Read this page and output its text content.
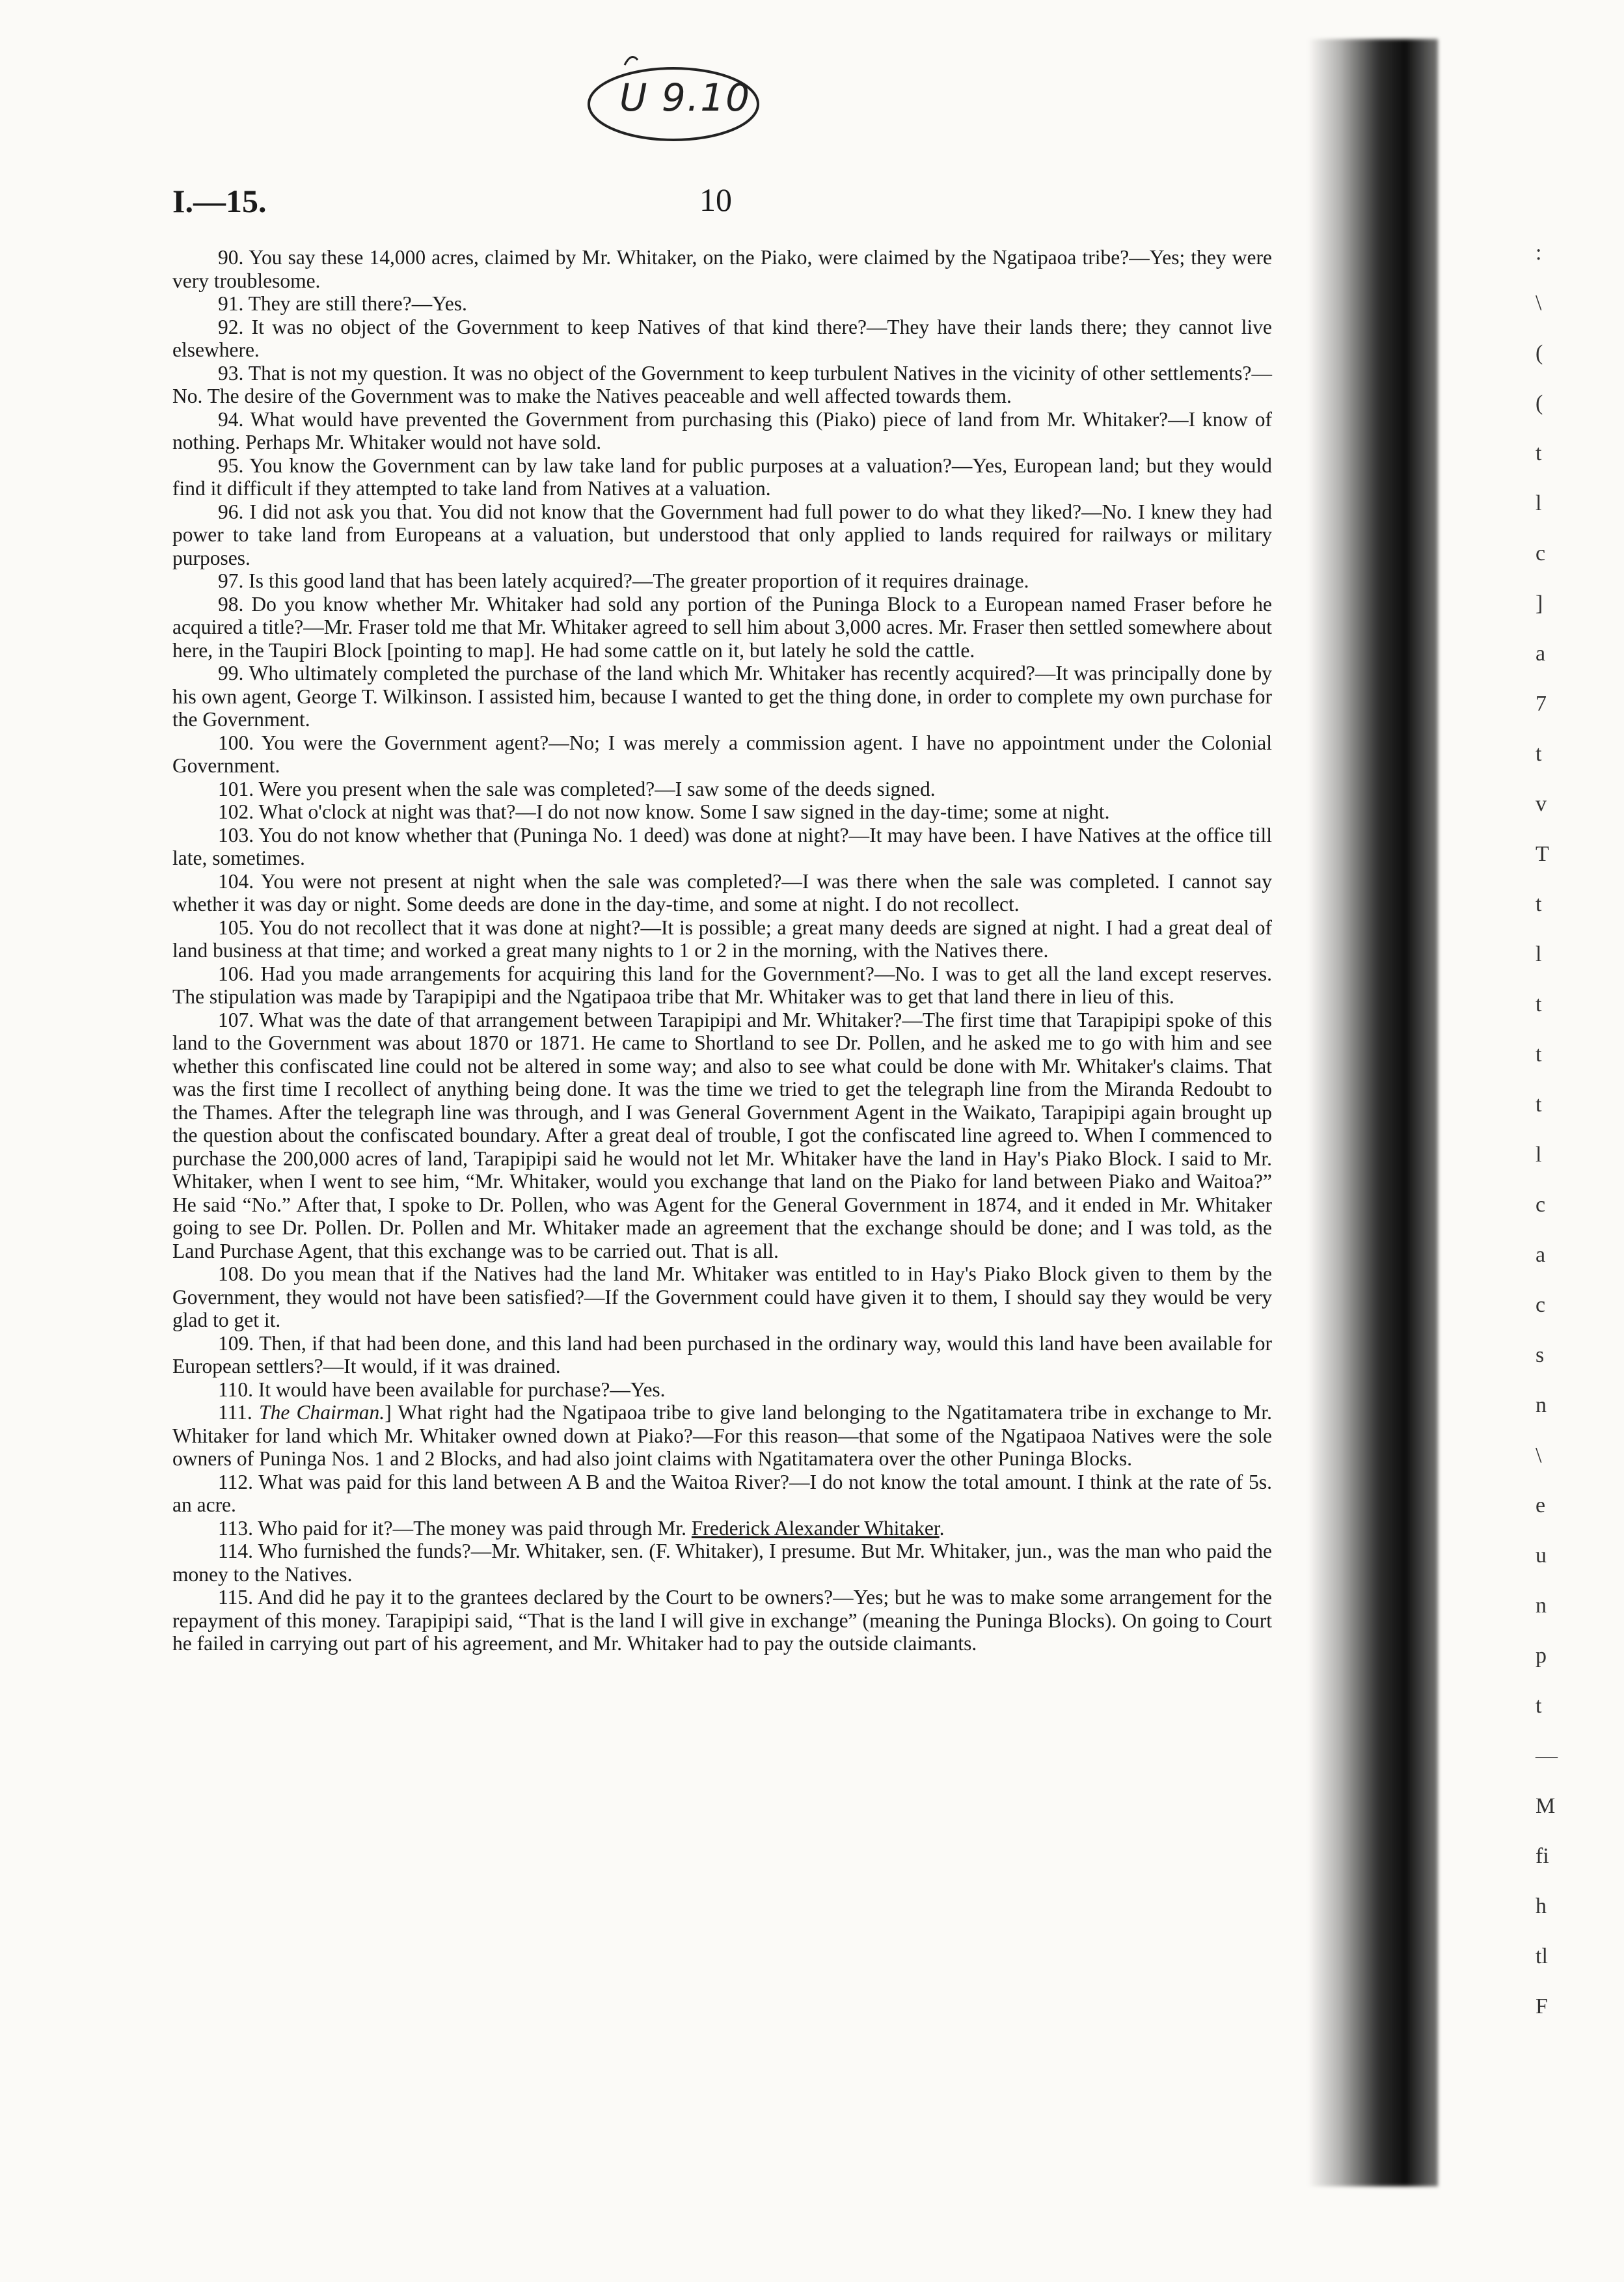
U 9.10
I.—15.	10

90. You say these 14,000 acres, claimed by Mr. Whitaker, on the Piako, were claimed by the Ngatipaoa tribe?—Yes; they were very troublesome.

91. They are still there?—Yes.

92. It was no object of the Government to keep Natives of that kind there?—They have their lands there; they cannot live elsewhere.

93. That is not my question. It was no object of the Government to keep turbulent Natives in the vicinity of other settlements?—No. The desire of the Government was to make the Natives peaceable and well affected towards them.

94. What would have prevented the Government from purchasing this (Piako) piece of land from Mr. Whitaker?—I know of nothing. Perhaps Mr. Whitaker would not have sold.

95. You know the Government can by law take land for public purposes at a valuation?—Yes, European land; but they would find it difficult if they attempted to take land from Natives at a valuation.

96. I did not ask you that. You did not know that the Government had full power to do what they liked?—No. I knew they had power to take land from Europeans at a valuation, but understood that only applied to lands required for railways or military purposes.

97. Is this good land that has been lately acquired?—The greater proportion of it requires drainage.

98. Do you know whether Mr. Whitaker had sold any portion of the Puninga Block to a European named Fraser before he acquired a title?—Mr. Fraser told me that Mr. Whitaker agreed to sell him about 3,000 acres. Mr. Fraser then settled somewhere about here, in the Taupiri Block [pointing to map]. He had some cattle on it, but lately he sold the cattle.

99. Who ultimately completed the purchase of the land which Mr. Whitaker has recently acquired?—It was principally done by his own agent, George T. Wilkinson. I assisted him, because I wanted to get the thing done, in order to complete my own purchase for the Government.

100. You were the Government agent?—No; I was merely a commission agent. I have no appointment under the Colonial Government.

101. Were you present when the sale was completed?—I saw some of the deeds signed.

102. What o'clock at night was that?—I do not now know. Some I saw signed in the day-time; some at night.

103. You do not know whether that (Puninga No. 1 deed) was done at night?—It may have been. I have Natives at the office till late, sometimes.

104. You were not present at night when the sale was completed?—I was there when the sale was completed. I cannot say whether it was day or night. Some deeds are done in the day-time, and some at night. I do not recollect.

105. You do not recollect that it was done at night?—It is possible; a great many deeds are signed at night. I had a great deal of land business at that time; and worked a great many nights to 1 or 2 in the morning, with the Natives there.

106. Had you made arrangements for acquiring this land for the Government?—No. I was to get all the land except reserves. The stipulation was made by Tarapipipi and the Ngatipaoa tribe that Mr. Whitaker was to get that land there in lieu of this.

107. What was the date of that arrangement between Tarapipipi and Mr. Whitaker?—The first time that Tarapipipi spoke of this land to the Government was about 1870 or 1871. He came to Shortland to see Dr. Pollen, and he asked me to go with him and see whether this confiscated line could not be altered in some way; and also to see what could be done with Mr. Whitaker's claims. That was the first time I recollect of anything being done. It was the time we tried to get the telegraph line from the Miranda Redoubt to the Thames. After the telegraph line was through, and I was General Government Agent in the Waikato, Tarapipipi again brought up the question about the confiscated boundary. After a great deal of trouble, I got the confiscated line agreed to. When I commenced to purchase the 200,000 acres of land, Tarapipipi said he would not let Mr. Whitaker have the land in Hay's Piako Block. I said to Mr. Whitaker, when I went to see him, “Mr. Whitaker, would you exchange that land on the Piako for land between Piako and Waitoa?” He said “No.” After that, I spoke to Dr. Pollen, who was Agent for the General Government in 1874, and it ended in Mr. Whitaker going to see Dr. Pollen. Dr. Pollen and Mr. Whitaker made an agreement that the exchange should be done; and I was told, as the Land Purchase Agent, that this exchange was to be carried out. That is all.

108. Do you mean that if the Natives had the land Mr. Whitaker was entitled to in Hay's Piako Block given to them by the Government, they would not have been satisfied?—If the Government could have given it to them, I should say they would be very glad to get it.

109. Then, if that had been done, and this land had been purchased in the ordinary way, would this land have been available for European settlers?—It would, if it was drained.

110. It would have been available for purchase?—Yes.

111. The Chairman.] What right had the Ngatipaoa tribe to give land belonging to the Ngatitamatera tribe in exchange to Mr. Whitaker for land which Mr. Whitaker owned down at Piako?—For this reason—that some of the Ngatipaoa Natives were the sole owners of Puninga Nos. 1 and 2 Blocks, and had also joint claims with Ngatitamatera over the other Puninga Blocks.

112. What was paid for this land between A B and the Waitoa River?—I do not know the total amount. I think at the rate of 5s. an acre.

113. Who paid for it?—The money was paid through Mr. Frederick Alexander Whitaker.

114. Who furnished the funds?—Mr. Whitaker, sen. (F. Whitaker), I presume. But Mr. Whitaker, jun., was the man who paid the money to the Natives.

115. And did he pay it to the grantees declared by the Court to be owners?—Yes; but he was to make some arrangement for the repayment of this money. Tarapipipi said, “That is the land I will give in exchange” (meaning the Puninga Blocks). On going to Court he failed in carrying out part of his agreement, and Mr. Whitaker had to pay the outside claimants.

:
\
(
(
t
l
c
]
a
7
t
v
T
t
l
t
t
t
l
c
a
c
s
n
\
e
u
n
p
t
—
M
fi
h
tl
F
